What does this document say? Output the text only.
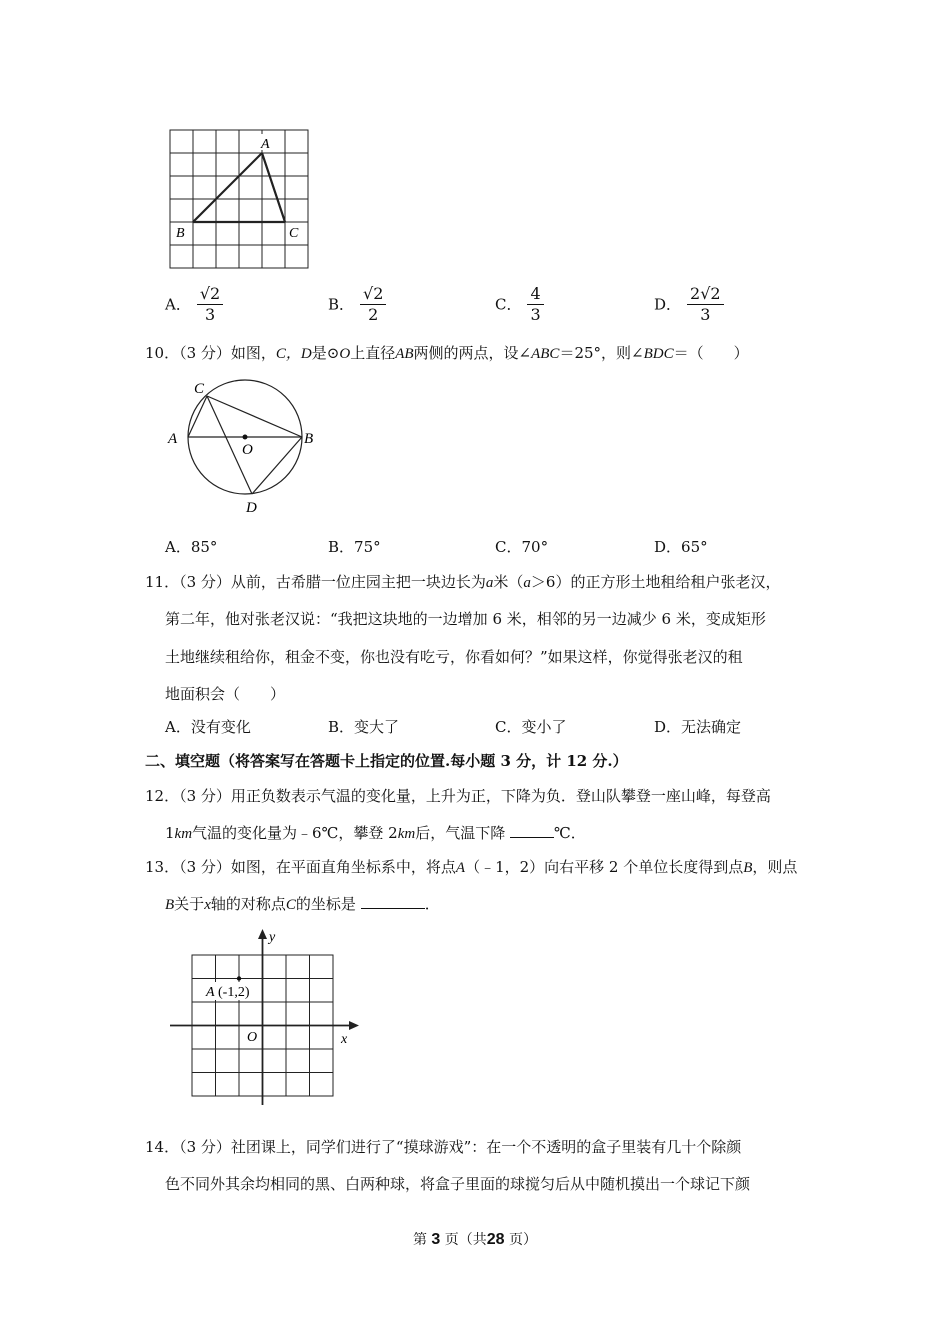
A
B	C
A． $\frac{√2}{3}$	B． $\frac{√2}{2}$	C． $\frac{4}{3}$	D． $\frac{2√2}{3}$
10．（3 分）如图，C，D是⊙O上直径AB两侧的两点，设∠ABC＝25°，则∠BDC＝（　　）
A	B
C
D
O
A．85°	B．75°	C．70°	D．65°
11．（3 分）从前，古希腊一位庄园主把一块边长为a米（a＞6）的正方形土地租给租户张老汉，
第二年，他对张老汉说：“我把这块地的一边增加 6 米，相邻的另一边减少 6 米，变成矩形
土地继续租给你，租金不变，你也没有吃亏，你看如何？”如果这样，你觉得张老汉的租
地面积会（　　）
A．没有变化	B．变大了	C．变小了	D．无法确定
二、填空题（将答案写在答题卡上指定的位置.每小题 3 分，计 12 分.）
12．（3 分）用正负数表示气温的变化量，上升为正，下降为负．登山队攀登一座山峰，每登高
1km气温的变化量为﹣6℃，攀登 2km后，气温下降	℃．
13．（3 分）如图，在平面直角坐标系中，将点A（﹣1，2）向右平移 2 个单位长度得到点B，则点
B关于x轴的对称点C的坐标是	．
A (-1,2)
y
x
O
14．（3 分）社团课上，同学们进行了“摸球游戏”：在一个不透明的盒子里装有几十个除颜
色不同外其余均相同的黑、白两种球，将盒子里面的球搅匀后从中随机摸出一个球记下颜
第 3 页（共28 页）
